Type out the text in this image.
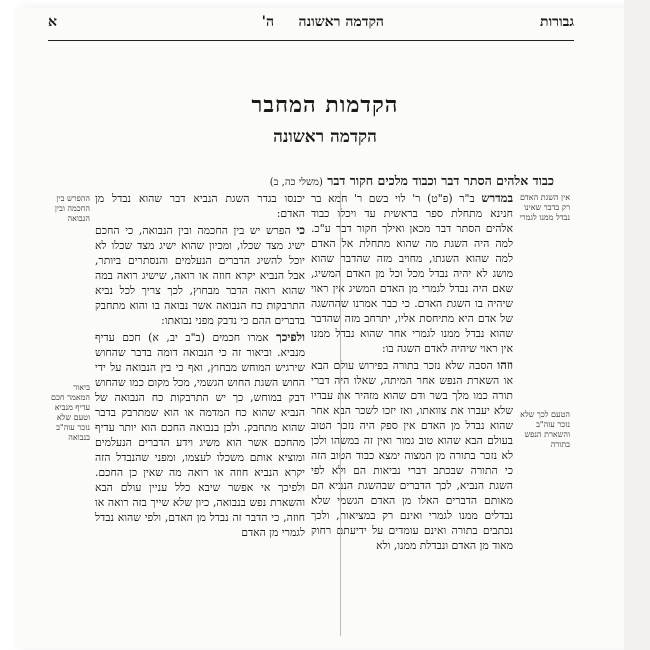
גבורות
הקדמה ראשונה
ה'
א
הקדמות המחבר
הקדמה ראשונה
כבוד אלהים הסתר דבר וכבוד מלכים חקור דבר (משלי כה, ב)

במדרש ב"ר (פ"ט) ר' לוי בשם ר' חמא בר חנינא מתחלת ספר בראשית עד ויכלו כבוד אלהים הסתר דבר מכאן ואילך חקור דבר ע"כ. למה היה השגת מה שהוא מתחלת אל האדם למה שהוא השגתו, מחויב מזה שהדבר שהוא מושג לא יהיה נבדל מכל וכל מן האדם המשיג, שאם היה נבדל לגמרי מן האדם המשיג אין ראוי שיהיה בו השגת האדם. כי כבר אמרנו שההשגה של אדם היא מתיחסת אליו, יתרחב מזה שהדבר שהוא נבדל ממנו לגמרי אחר שהוא נבדל ממנו אין ראוי שיהיה לאדם השגה בו:

וזהו הסבה שלא נזכר בתורה בפירוש עולם הבא או השארת הנפש אחר המיתה, שאלו היה דברי תורה כמו מלך בשר ודם שהוא מזהיר את עבדיו שלא יעברו את צוואתו, ואז יזכו לשכר הבא אחר שהוא נבדל מן האדם אין ספק היה נזכר הטוב בעולם הבא שהוא טוב גמור ואין זה במשהו ולכן לא נזכר בתורה מן המצוה ימצא כבוד הטוב הזה כי התורה שבכתב דברי נביאות הם ולא לפי השגת הנביא, לכך הדברים שבהשגת הנביא הם מאותם הדברים האלו מן האדם הגשמי שלא נבדלים ממנו לגמרי ואינם רק במציאות, ולכך נכתבים בתורה ואינם עומדים על ידיעתם רחוק מאוד מן האדם ונבדלת ממנו, ולא

יכנסו בגדר השגת הנביא דבר שהוא נבדל מן האדם:

כי הפרש יש בין החכמה ובין הנבואה, כי החכם ישיג מצד שכלו, ומכיון שהוא ישיג מצד שכלו לא יוכל להשיג הדברים הנעלמים והנסתרים ביותר, אבל הנביא יקרא חוזה או רואה, שישיג רואה במה שהוא רואה הדבר מבחוץ, לכך צריך לכל נביא התרבקות כח הנבואה אשר נבואה בו והוא מתחבק בדברים ההם כי נדבק מפני נבואתו:

ולפיכך אמרו חכמים (ב"ב יב, א) חכם עדיף מנביא. וביאור זה כי הנבואה דומה בדבר שהחוש שירגיש המוחש מבחוץ, ואף כי בין הנבואה על ידי החוש השגת החוש הגשמי, מכל מקום כמו שהחוש דבק במוחש, כך יש התרבקות כח הנבואה של הנביא שהוא כח המדמה או הוא שמתרבק בדבר שהוא מתחבק. ולכן בנבואה החכם הוא יותר עדיף מהחכם אשר הוא משיג וידע הדברים הנעלמים ומוציא אותם משכלו לעצמו, ומפני שהנבדל הזה יקרא הנביא חוזה או רואה מה שאין כן החכם. ולפיכך אי אפשר שיבא כלל עניין עולם הבא והשארת נפש בנבואה, כיון שלא שייך בזה רואה או חוזה, כי הדבר זה נבדל מן האדם, ולפי שהוא נבדל לגמרי מן האדם

אין השגת האדם רק בדבר שאינו נבדל ממנו לגמרי
הטעם לכך שלא נזכר עוה"ב והשארת הנפש בתורה
ההפרש בין החכמה ובין הנבואה
ביאור המאמר חכם עדיף מנביא וטעם שלא נזכר עוה"ב בנבואה
